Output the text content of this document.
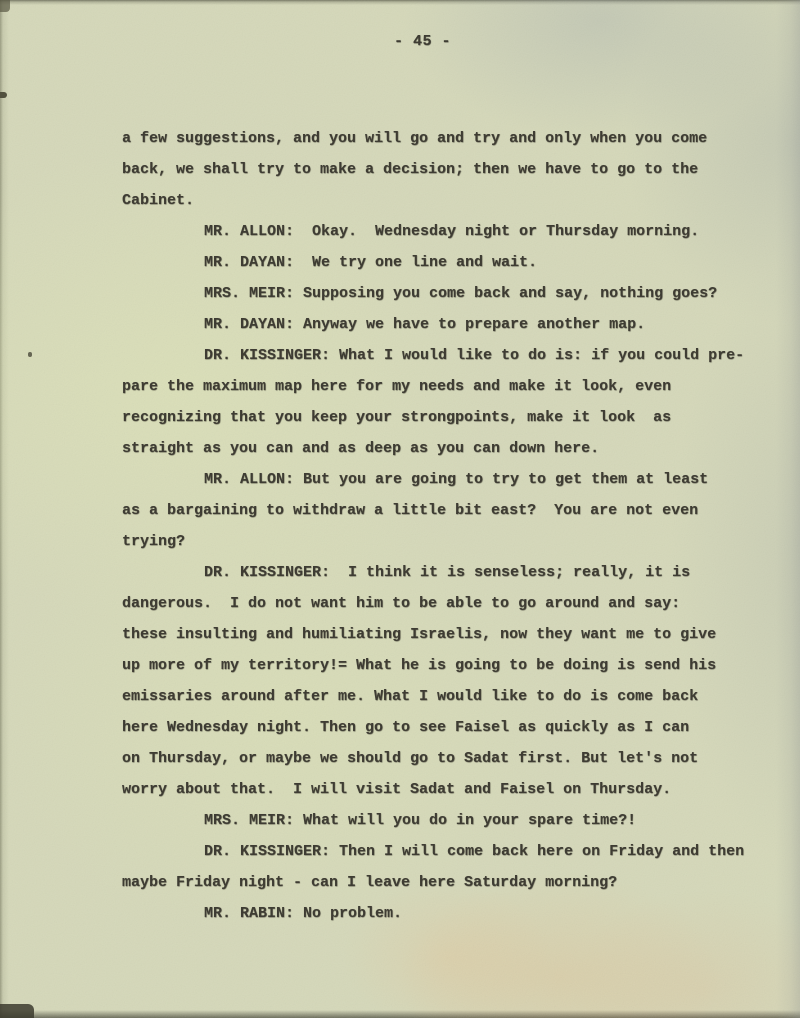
- 45 -
a few suggestions, and you will go and try and only when you come
back, we shall try to make a decision; then we have to go to the
Cabinet.
MR. ALLON:  Okay.  Wednesday night or Thursday morning.
MR. DAYAN:  We try one line and wait.
MRS. MEIR: Supposing you come back and say, nothing goes?
MR. DAYAN: Anyway we have to prepare another map.
DR. KISSINGER: What I would like to do is: if you could pre-
pare the maximum map here for my needs and make it look, even
recognizing that you keep your strongpoints, make it look  as
straight as you can and as deep as you can down here.
MR. ALLON: But you are going to try to get them at least
as a bargaining to withdraw a little bit east?  You are not even
trying?
DR. KISSINGER:  I think it is senseless; really, it is
dangerous.  I do not want him to be able to go around and say:
these insulting and humiliating Israelis, now they want me to give
up more of my territory!= What he is going to be doing is send his
emissaries around after me. What I would like to do is come back
here Wednesday night. Then go to see Faisel as quickly as I can
on Thursday, or maybe we should go to Sadat first. But let's not
worry about that.  I will visit Sadat and Faisel on Thursday.
MRS. MEIR: What will you do in your spare time?!
DR. KISSINGER: Then I will come back here on Friday and then
maybe Friday night - can I leave here Saturday morning?
MR. RABIN: No problem.
